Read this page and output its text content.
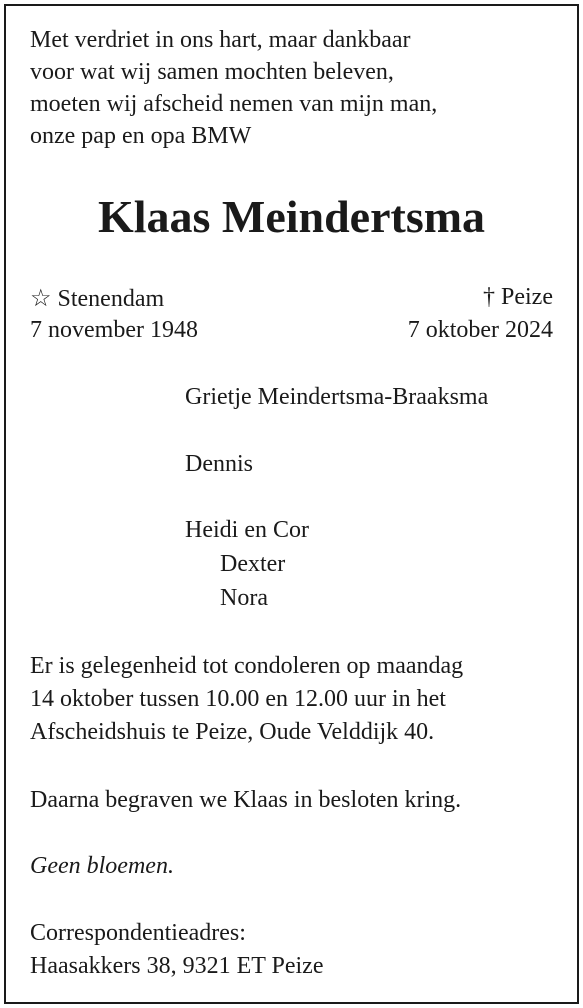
Met verdriet in ons hart, maar dankbaar
voor wat wij samen mochten beleven,
moeten wij afscheid nemen van mijn man,
onze pap en opa BMW
Klaas Meindertsma
☆ Stenendam
7 november 1948
† Peize
7 oktober 2024
Grietje Meindertsma-Braaksma
Dennis
Heidi en Cor
Dexter
Nora
Er is gelegenheid tot condoleren op maandag
14 oktober tussen 10.00 en 12.00 uur in het
Afscheidshuis te Peize, Oude Velddijk 40.
Daarna begraven we Klaas in besloten kring.
Geen bloemen.
Correspondentieadres:
Haasakkers 38, 9321 ET Peize
